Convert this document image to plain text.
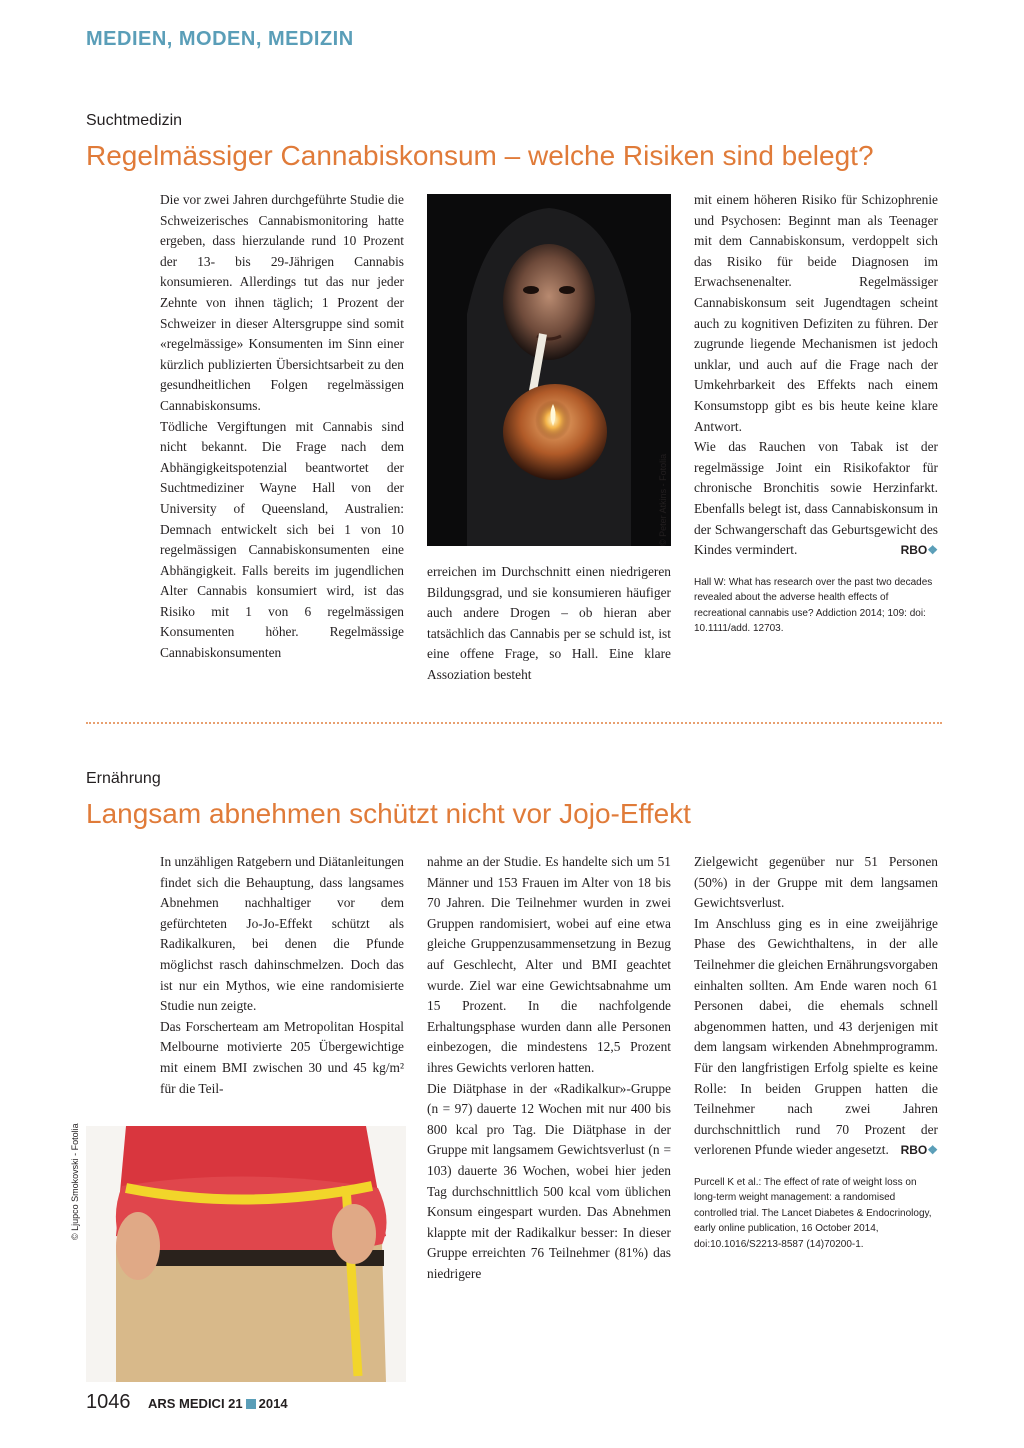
MEDIEN, MODEN, MEDIZIN
Suchtmedizin
Regelmässiger Cannabiskonsum – welche Risiken sind belegt?

Die vor zwei Jahren durchgeführte Studie die Schweizerisches Cannabismonitoring hatte ergeben, dass hierzulande rund 10 Prozent der 13- bis 29-Jährigen Cannabis konsumieren. Allerdings tut das nur jeder Zehnte von ihnen täglich; 1 Prozent der Schweizer in dieser Altersgruppe sind somit «regelmässige» Konsumenten im Sinn einer kürzlich publizierten Übersichtsarbeit zu den gesundheitlichen Folgen regelmässigen Cannabiskonsums.

Tödliche Vergiftungen mit Cannabis sind nicht bekannt. Die Frage nach dem Abhängigkeitspotenzial beantwortet der Suchtmediziner Wayne Hall von der University of Queensland, Australien: Demnach entwickelt sich bei 1 von 10 regelmässigen Cannabiskonsumenten eine Abhängigkeit. Falls bereits im jugendlichen Alter Cannabis konsumiert wird, ist das Risiko mit 1 von 6 regelmässigen Konsumenten höher. Regelmässige Cannabiskonsumenten

© Peter Atkins - Fotolia

erreichen im Durchschnitt einen niedrigeren Bildungsgrad, und sie konsumieren häufiger auch andere Drogen – ob hieran aber tatsächlich das Cannabis per se schuld ist, ist eine offene Frage, so Hall. Eine klare Assoziation besteht

mit einem höheren Risiko für Schizophrenie und Psychosen: Beginnt man als Teenager mit dem Cannabiskonsum, verdoppelt sich das Risiko für beide Diagnosen im Erwachsenenalter. Regelmässiger Cannabiskonsum seit Jugendtagen scheint auch zu kognitiven Defiziten zu führen. Der zugrunde liegende Mechanismen ist jedoch unklar, und auch auf die Frage nach der Umkehrbarkeit des Effekts nach einem Konsumstopp gibt es bis heute keine klare Antwort.

Wie das Rauchen von Tabak ist der regelmässige Joint ein Risikofaktor für chronische Bronchitis sowie Herzinfarkt. Ebenfalls belegt ist, dass Cannabiskonsum in der Schwangerschaft das Geburtsgewicht des Kindes vermindert.	RBO❖

Hall W: What has research over the past two decades revealed about the adverse health effects of recreational cannabis use? Addiction 2014; 109: doi: 10.1111/add. 12703.
Ernährung
Langsam abnehmen schützt nicht vor Jojo-Effekt

In unzähligen Ratgebern und Diätanleitungen findet sich die Behauptung, dass langsames Abnehmen nachhaltiger vor dem gefürchteten Jo-Jo-Effekt schützt als Radikalkuren, bei denen die Pfunde möglichst rasch dahinschmelzen. Doch das ist nur ein Mythos, wie eine randomisierte Studie nun zeigte.

Das Forscherteam am Metropolitan Hospital Melbourne motivierte 205 Übergewichtige mit einem BMI zwischen 30 und 45 kg/m² für die Teil-

© Ljupco Smokovski - Fotolia

nahme an der Studie. Es handelte sich um 51 Männer und 153 Frauen im Alter von 18 bis 70 Jahren. Die Teilnehmer wurden in zwei Gruppen randomisiert, wobei auf eine etwa gleiche Gruppenzusammensetzung in Bezug auf Geschlecht, Alter und BMI geachtet wurde. Ziel war eine Gewichtsabnahme um 15 Prozent. In die nachfolgende Erhaltungsphase wurden dann alle Personen einbezogen, die mindestens 12,5 Prozent ihres Gewichts verloren hatten.

Die Diätphase in der «Radikalkur»-Gruppe (n = 97) dauerte 12 Wochen mit nur 400 bis 800 kcal pro Tag. Die Diätphase in der Gruppe mit langsamem Gewichtsverlust (n = 103) dauerte 36 Wochen, wobei hier jeden Tag durchschnittlich 500 kcal vom üblichen Konsum eingespart wurden. Das Abnehmen klappte mit der Radikalkur besser: In dieser Gruppe erreichten 76 Teilnehmer (81%) das niedrigere

Zielgewicht gegenüber nur 51 Personen (50%) in der Gruppe mit dem langsamen Gewichtsverlust.

Im Anschluss ging es in eine zweijährige Phase des Gewichthaltens, in der alle Teilnehmer die gleichen Ernährungsvorgaben einhalten sollten. Am Ende waren noch 61 Personen dabei, die ehemals schnell abgenommen hatten, und 43 derjenigen mit dem langsam wirkenden Abnehmprogramm. Für den langfristigen Erfolg spielte es keine Rolle: In beiden Gruppen hatten die Teilnehmer nach zwei Jahren durchschnittlich rund 70 Prozent der verlorenen Pfunde wieder angesetzt. RBO❖

Purcell K et al.: The effect of rate of weight loss on long-term weight management: a randomised controlled trial. The Lancet Diabetes & Endocrinology, early online publication, 16 October 2014, doi:10.1016/S2213-8587 (14)70200-1.
1046 ARS MEDICI 21 2014
